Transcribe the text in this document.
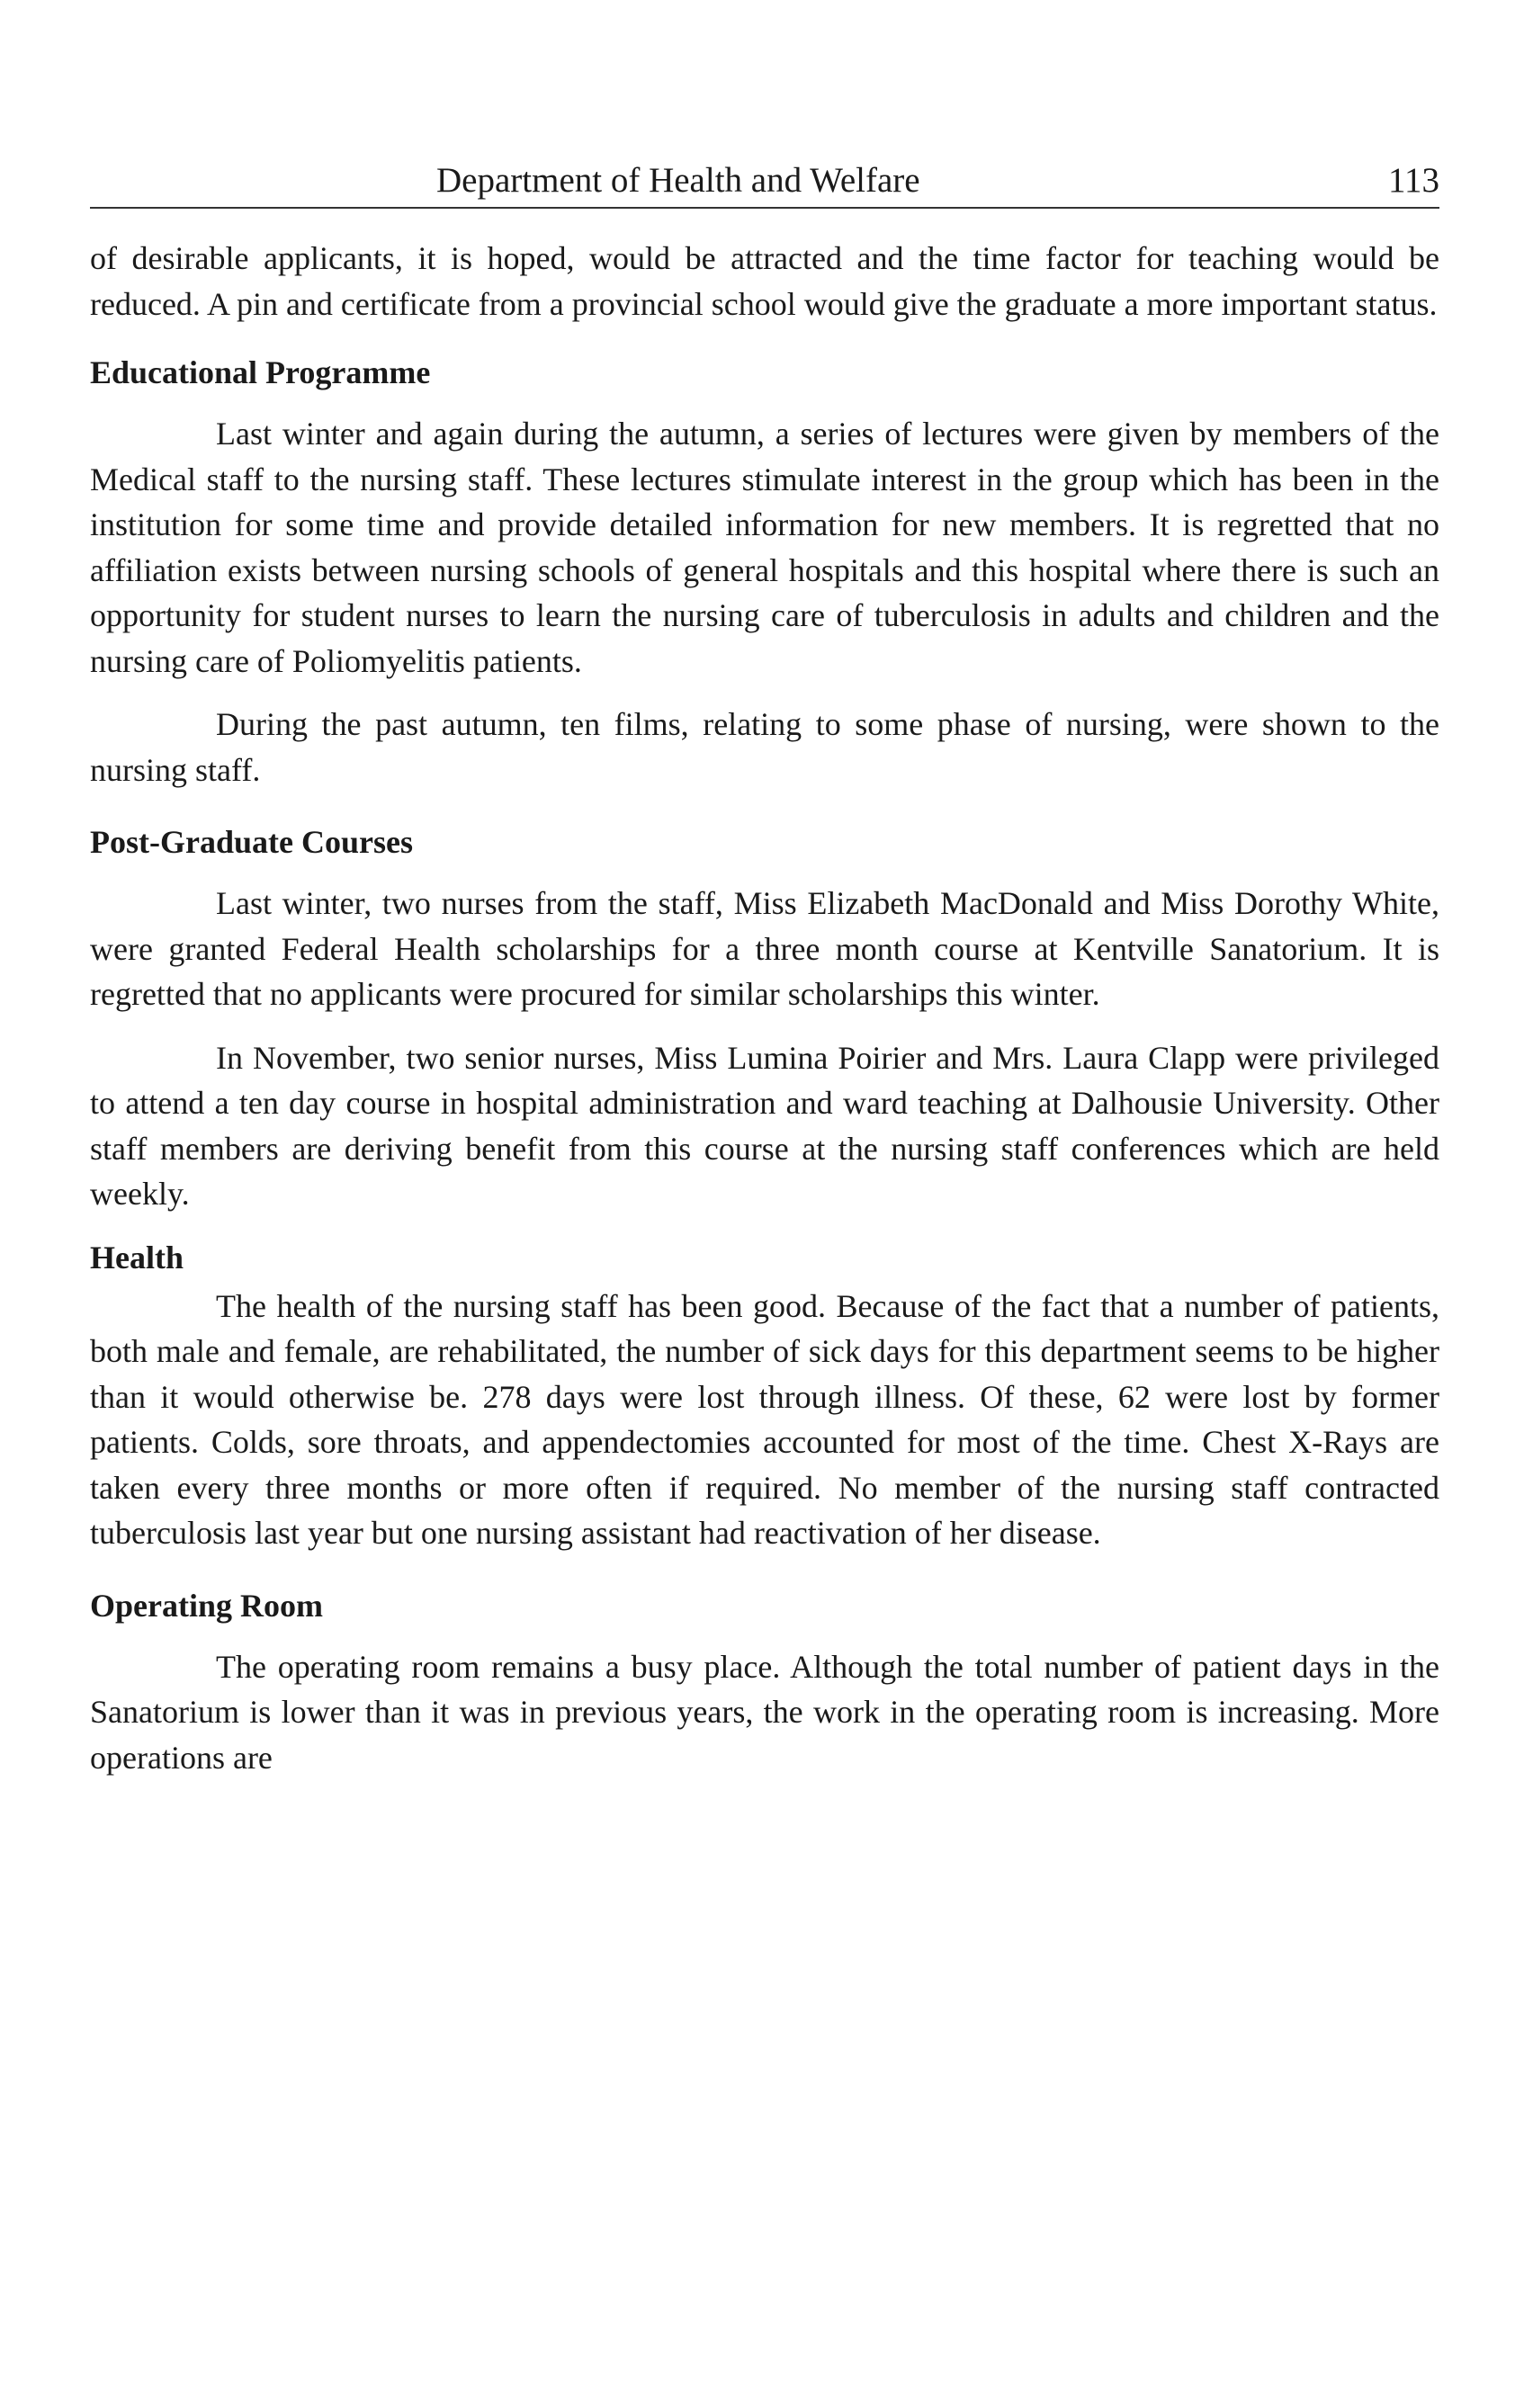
Department of Health and Welfare	113

of desirable applicants, it is hoped, would be attracted and the time factor for teaching would be reduced. A pin and certificate from a provincial school would give the graduate a more important status.

Educational Programme

Last winter and again during the autumn, a series of lectures were given by members of the Medical staff to the nursing staff. These lectures stimulate interest in the group which has been in the institution for some time and provide detailed information for new members. It is regretted that no affiliation exists between nursing schools of general hospitals and this hospital where there is such an opportunity for student nurses to learn the nursing care of tuberculosis in adults and children and the nursing care of Poliomyelitis patients.

During the past autumn, ten films, relating to some phase of nursing, were shown to the nursing staff.

Post-Graduate Courses

Last winter, two nurses from the staff, Miss Elizabeth MacDonald and Miss Dorothy White, were granted Federal Health scholarships for a three month course at Kentville Sanatorium. It is regretted that no applicants were procured for similar scholarships this winter.

In November, two senior nurses, Miss Lumina Poirier and Mrs. Laura Clapp were privileged to attend a ten day course in hospital administration and ward teaching at Dalhousie University. Other staff members are deriving benefit from this course at the nursing staff conferences which are held weekly.

Health

The health of the nursing staff has been good. Because of the fact that a number of patients, both male and female, are rehabilitated, the number of sick days for this department seems to be higher than it would otherwise be. 278 days were lost through illness. Of these, 62 were lost by former patients. Colds, sore throats, and appendectomies accounted for most of the time. Chest X-Rays are taken every three months or more often if required. No member of the nursing staff contracted tuberculosis last year but one nursing assistant had reactivation of her disease.

Operating Room

The operating room remains a busy place. Although the total number of patient days in the Sanatorium is lower than it was in previous years, the work in the operating room is increasing. More operations are
